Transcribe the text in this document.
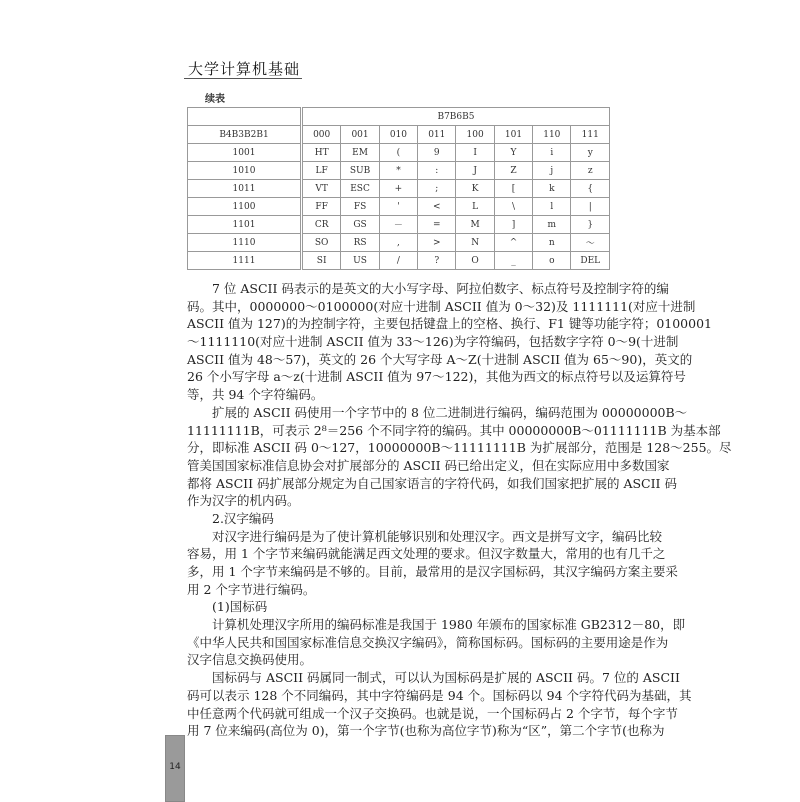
大学计算机基础
续表
	B7B6B5							
B4B3B2B1	000	001	010	011	100	101	110	111
1001	HT	EM	(	9	I	Y	i	y
1010	LF	SUB	*	:	J	Z	j	z
1011	VT	ESC	+	;	K	[	k	{
1100	FF	FS	'	<	L	\	l	|
1101	CR	GS	－	=	M	]	m	}
1110	SO	RS	,	>	N	^	n	～
1111	SI	US	/	?	O	_	o	DEL
7 位 ASCII 码表示的是英文的大小写字母、阿拉伯数字、标点符号及控制字符的编
码。其中，0000000～0100000(对应十进制 ASCII 值为 0～32)及 1111111(对应十进制
ASCII 值为 127)的为控制字符，主要包括键盘上的空格、换行、F1 键等功能字符；0100001
～1111110(对应十进制 ASCII 值为 33～126)为字符编码，包括数字字符 0～9(十进制
ASCII 值为 48～57)，英文的 26 个大写字母 A～Z(十进制 ASCII 值为 65～90)，英文的
26 个小写字母 a～z(十进制 ASCII 值为 97～122)，其他为西文的标点符号以及运算符号
等，共 94 个字符编码。
扩展的 ASCII 码使用一个字节中的 8 位二进制进行编码，编码范围为 00000000B～
11111111B，可表示 2⁸＝256 个不同字符的编码。其中 00000000B～01111111B 为基本部
分，即标准 ASCII 码 0～127，10000000B～11111111B 为扩展部分，范围是 128～255。尽
管美国国家标准信息协会对扩展部分的 ASCII 码已给出定义，但在实际应用中多数国家
都将 ASCII 码扩展部分规定为自己国家语言的字符代码，如我们国家把扩展的 ASCII 码
作为汉字的机内码。
2.汉字编码
对汉字进行编码是为了使计算机能够识别和处理汉字。西文是拼写文字，编码比较
容易，用 1 个字节来编码就能满足西文处理的要求。但汉字数量大，常用的也有几千之
多，用 1 个字节来编码是不够的。目前，最常用的是汉字国标码，其汉字编码方案主要采
用 2 个字节进行编码。
(1)国标码
计算机处理汉字所用的编码标准是我国于 1980 年颁布的国家标准 GB2312－80，即
《中华人民共和国国家标准信息交换汉字编码》，简称国标码。国标码的主要用途是作为
汉字信息交换码使用。
国标码与 ASCII 码属同一制式，可以认为国标码是扩展的 ASCII 码。7 位的 ASCII
码可以表示 128 个不同编码，其中字符编码是 94 个。国标码以 94 个字符代码为基础，其
中任意两个代码就可组成一个汉子交换码。也就是说，一个国标码占 2 个字节，每个字节
用 7 位来编码(高位为 0)，第一个字节(也称为高位字节)称为“区”，第二个字节(也称为
14
